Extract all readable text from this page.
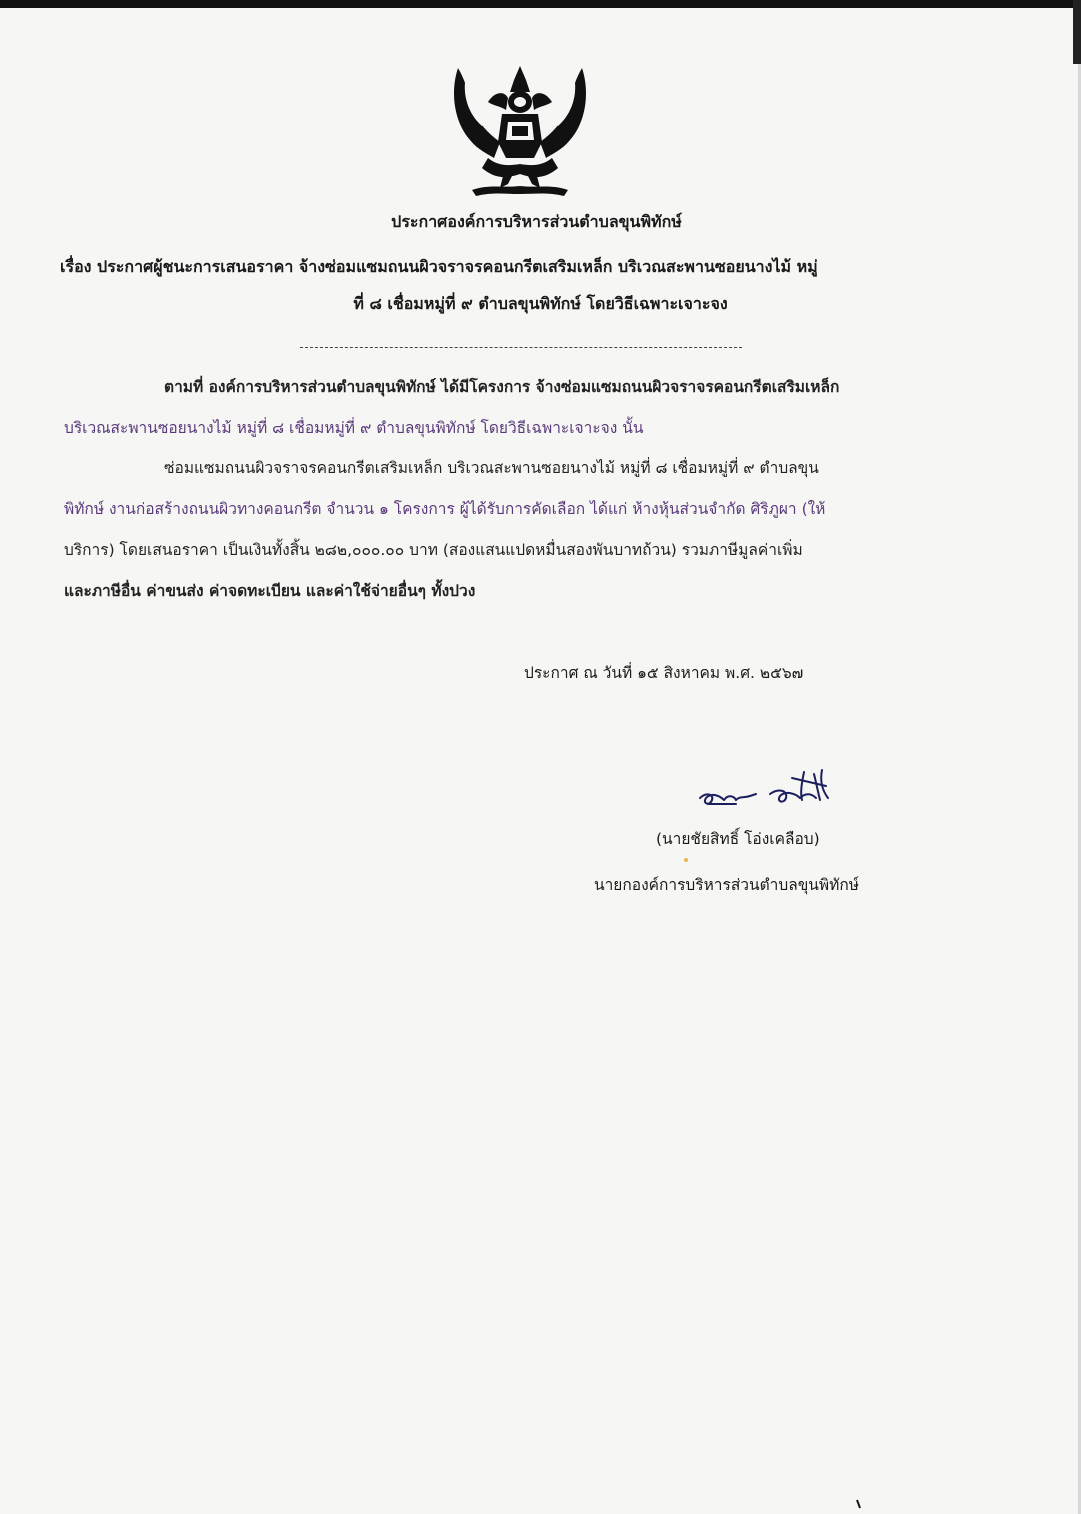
ประกาศองค์การบริหารส่วนตำบลขุนพิทักษ์
เรื่อง ประกาศผู้ชนะการเสนอราคา จ้างซ่อมแซมถนนผิวจราจรคอนกรีตเสริมเหล็ก บริเวณสะพานซอยนางไม้ หมู่
ที่ ๘ เชื่อมหมู่ที่ ๙ ตำบลขุนพิทักษ์ โดยวิธีเฉพาะเจาะจง
ตามที่ องค์การบริหารส่วนตำบลขุนพิทักษ์ ได้มีโครงการ จ้างซ่อมแซมถนนผิวจราจรคอนกรีตเสริมเหล็ก
บริเวณสะพานซอยนางไม้ หมู่ที่ ๘ เชื่อมหมู่ที่ ๙ ตำบลขุนพิทักษ์ โดยวิธีเฉพาะเจาะจง นั้น
ซ่อมแซมถนนผิวจราจรคอนกรีตเสริมเหล็ก บริเวณสะพานซอยนางไม้ หมู่ที่ ๘ เชื่อมหมู่ที่ ๙ ตำบลขุน
พิทักษ์ งานก่อสร้างถนนผิวทางคอนกรีต จำนวน ๑ โครงการ ผู้ได้รับการคัดเลือก ได้แก่ ห้างหุ้นส่วนจำกัด ศิริภูผา (ให้
บริการ) โดยเสนอราคา เป็นเงินทั้งสิ้น ๒๘๒,๐๐๐.๐๐ บาท (สองแสนแปดหมื่นสองพันบาทถ้วน) รวมภาษีมูลค่าเพิ่ม
และภาษีอื่น ค่าขนส่ง ค่าจดทะเบียน และค่าใช้จ่ายอื่นๆ ทั้งปวง
ประกาศ ณ วันที่ ๑๕ สิงหาคม พ.ศ. ๒๕๖๗
(นายชัยสิทธิ์ โอ่งเคลือบ)
นายกองค์การบริหารส่วนตำบลขุนพิทักษ์
